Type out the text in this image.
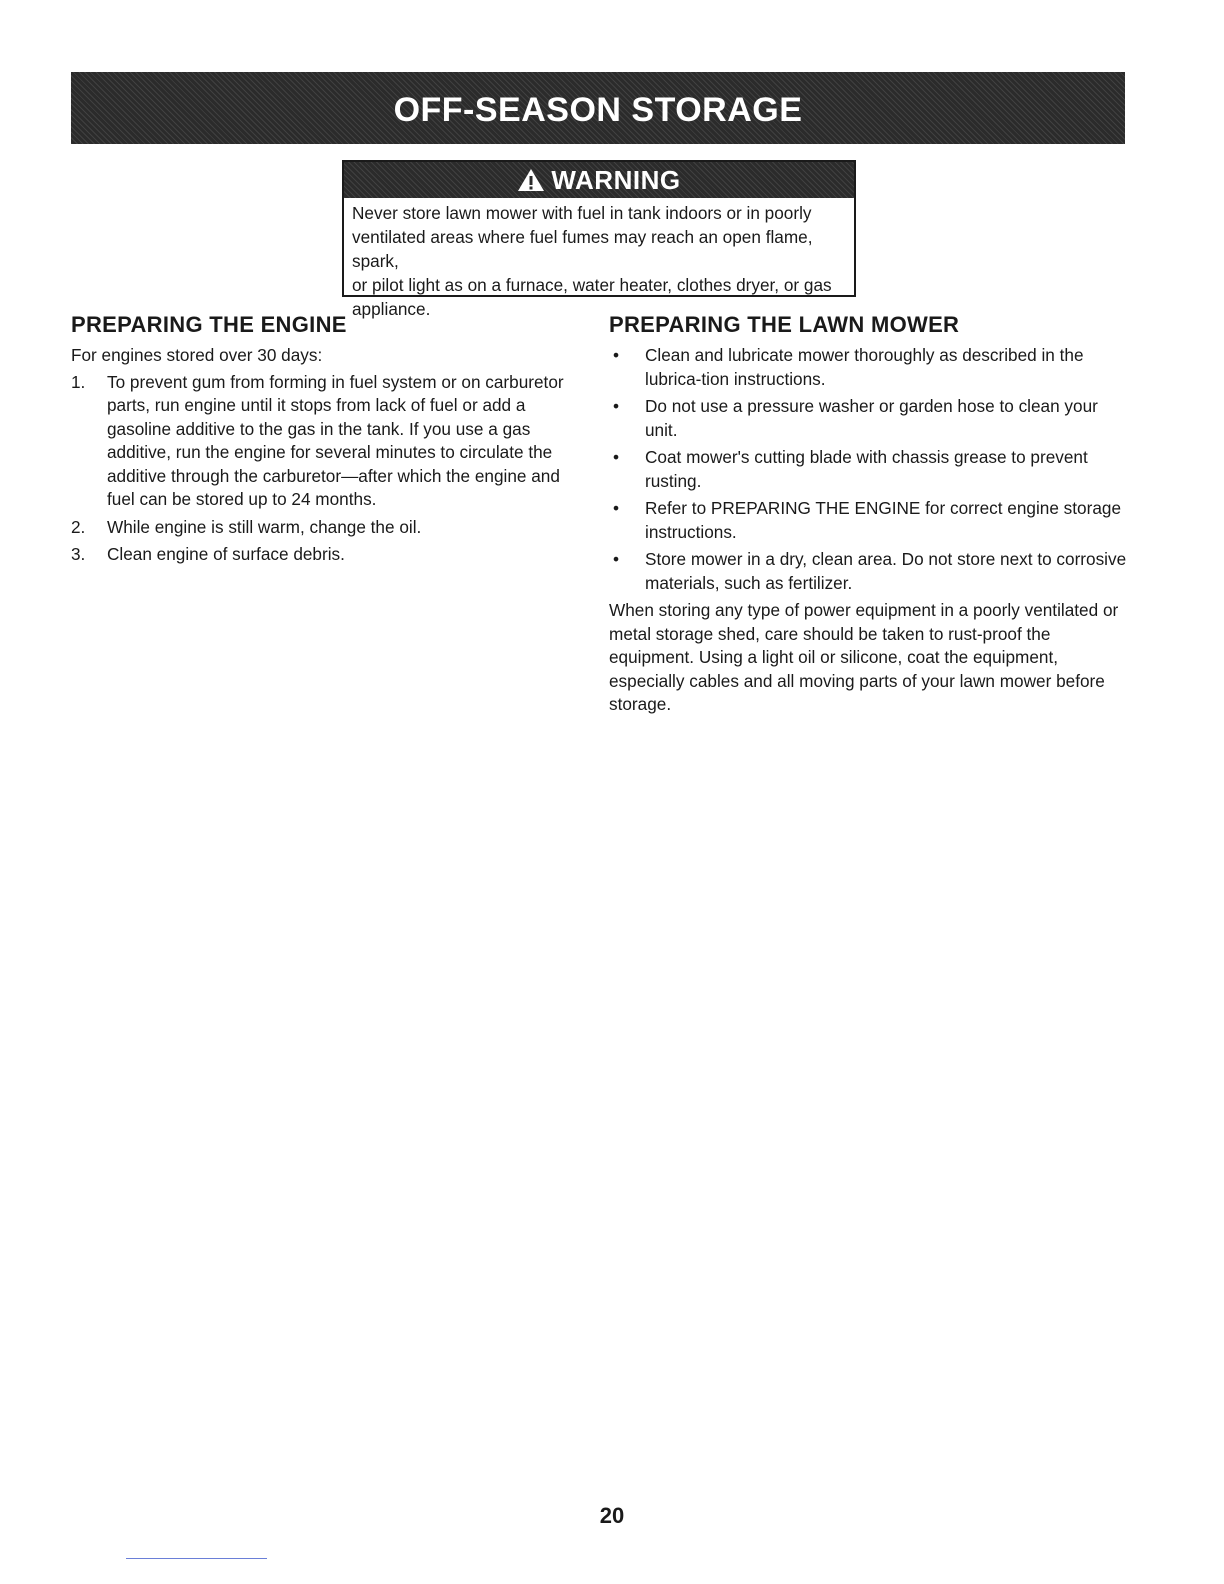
OFF-SEASON STORAGE
WARNING
Never store lawn mower with fuel in tank indoors or in poorly
ventilated areas where fuel fumes may reach an open flame, spark,
or pilot light as on a furnace, water heater, clothes dryer, or gas
appliance.
PREPARING THE ENGINE

For engines stored over 30 days:

1. To prevent gum from forming in fuel system or on carburetor parts, run engine until it stops from lack of fuel or add a gasoline additive to the gas in the tank. If you use a gas additive, run the engine for several minutes to circulate the additive through the carburetor—after which the engine and fuel can be stored up to 24 months.
2. While engine is still warm, change the oil.
3. Clean engine of surface debris.
PREPARING THE LAWN MOWER
• Clean and lubricate mower thoroughly as described in the lubrica-tion instructions.
• Do not use a pressure washer or garden hose to clean your unit.
• Coat mower's cutting blade with chassis grease to prevent rusting.
• Refer to PREPARING THE ENGINE for correct engine storage instructions.
• Store mower in a dry, clean area. Do not store next to corrosive materials, such as fertilizer.

When storing any type of power equipment in a poorly ventilated or metal storage shed, care should be taken to rust-proof the equipment. Using a light oil or silicone, coat the equipment, especially cables and all moving parts of your lawn mower before storage.

20
